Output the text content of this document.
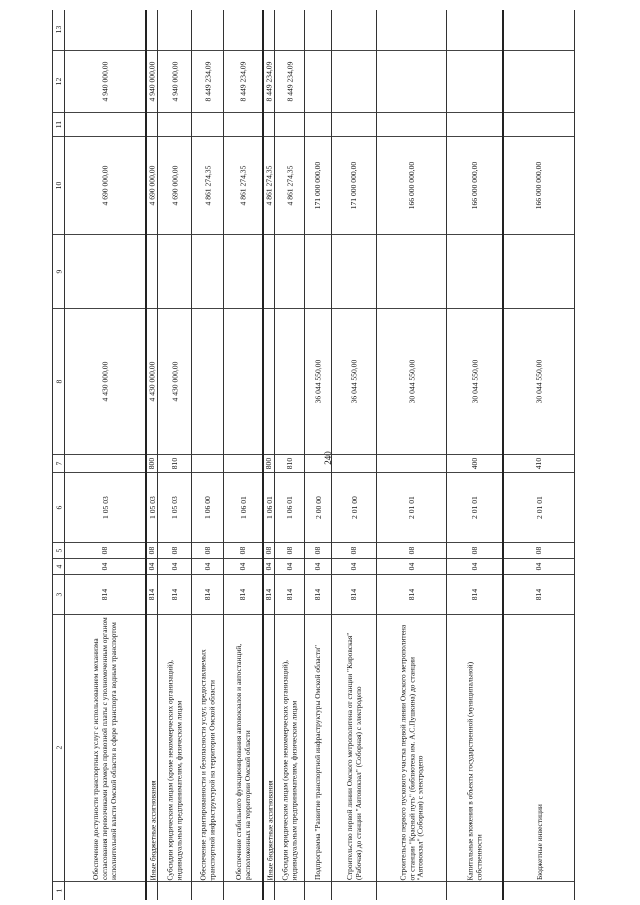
240
1
2
3
4
5
6
7
8
9
10
11
12
13
Обеспечение доступности транспортных услуг с использованием механизма согласования перевозчиками размера провозной платы с уполномоченным органом исполнительной власти Омской области в сфере транспорта водным транспортом
814
04
08
1 05 03
4 430 000,00
4 690 000,00
4 940 000,00
Иные бюджетные ассигнования
814
04
08
1 05 03
800
4 430 000,00
4 690 000,00
4 940 000,00
Субсидии юридическим лицам (кроме некоммерческих организаций), индивидуальным предпринимателям, физическим лицам
814
04
08
1 05 03
810
4 430 000,00
4 690 000,00
4 940 000,00
Обеспечение гарантированности и безопасности услуг, предоставляемых транспортной инфраструктурой на территории Омской области
814
04
08
1 06 00
4 861 274,35
8 449 234,09
Обеспечение стабильного функционирования автовокзалов и автостанций, расположенных на территории Омской области
814
04
08
1 06 01
4 861 274,35
8 449 234,09
Иные бюджетные ассигнования
814
04
08
1 06 01
800
4 861 274,35
8 449 234,09
Субсидии юридическим лицам (кроме некоммерческих организаций), индивидуальным предпринимателям, физическим лицам
814
04
08
1 06 01
810
4 861 274,35
8 449 234,09
Подпрограмма "Развитие транспортной инфраструктуры Омской области"
814
04
08
2 00 00
36 044 550,00
171 000 000,00
Строительство первой линии Омского метрополитена от станции "Кировская" (Рабочая) до станции "Автовокзал" (Соборная) с электродепо
814
04
08
2 01 00
36 044 550,00
171 000 000,00
Строительство первого пускового участка первой линии Омского метрополитена от станции "Красный путь" (библиотека им. А.С.Пушкина) до станции "Автовокзал" (Соборная) с электродепо
814
04
08
2 01 01
30 044 550,00
166 000 000,00
Капитальные вложения в объекты государственной (муниципальной) собственности
814
04
08
2 01 01
400
30 044 550,00
166 000 000,00
Бюджетные инвестиции
814
04
08
2 01 01
410
30 044 550,00
166 000 000,00
